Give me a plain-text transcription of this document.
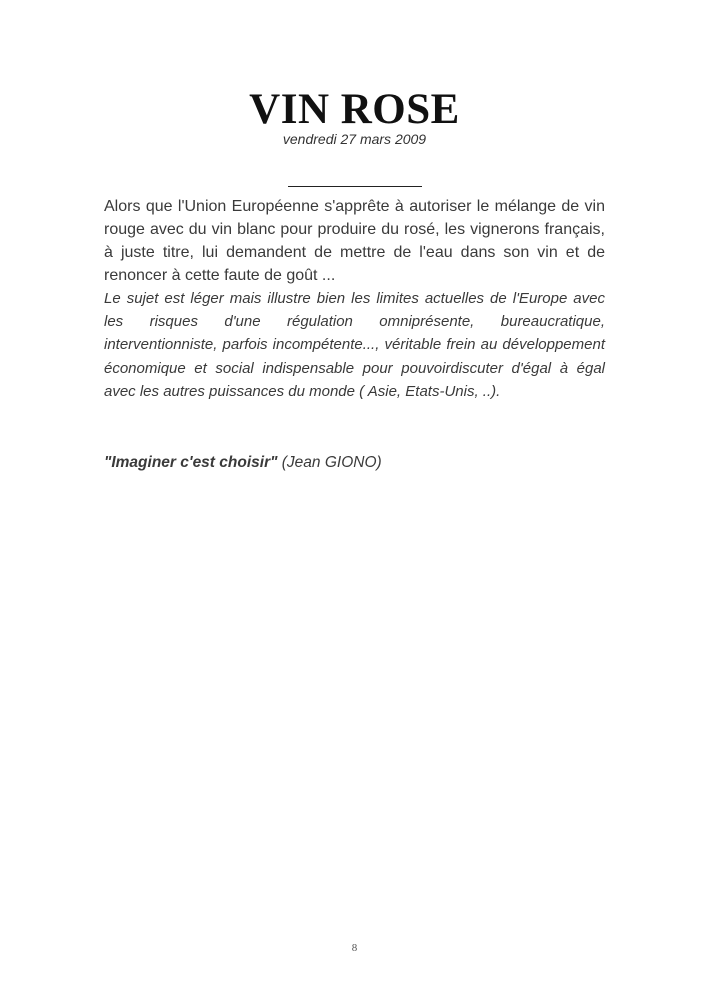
VIN ROSE
vendredi 27 mars 2009

Alors que l'Union Européenne s'apprête à autoriser le mélange de vin rouge avec du vin blanc pour produire du rosé, les vignerons français, à juste titre, lui demandent de mettre de l'eau dans son vin et de renoncer à cette faute de goût ...

Le sujet est léger mais illustre bien les limites actuelles de l'Europe avec les risques d'une régulation omniprésente, bureaucratique, interventionniste, parfois incompétente..., véritable frein au développement économique et social indispensable pour pouvoirdiscuter d'égal à égal avec les autres puissances du monde ( Asie, Etats-Unis, ..).

"Imaginer c'est choisir" (Jean GIONO)
8
